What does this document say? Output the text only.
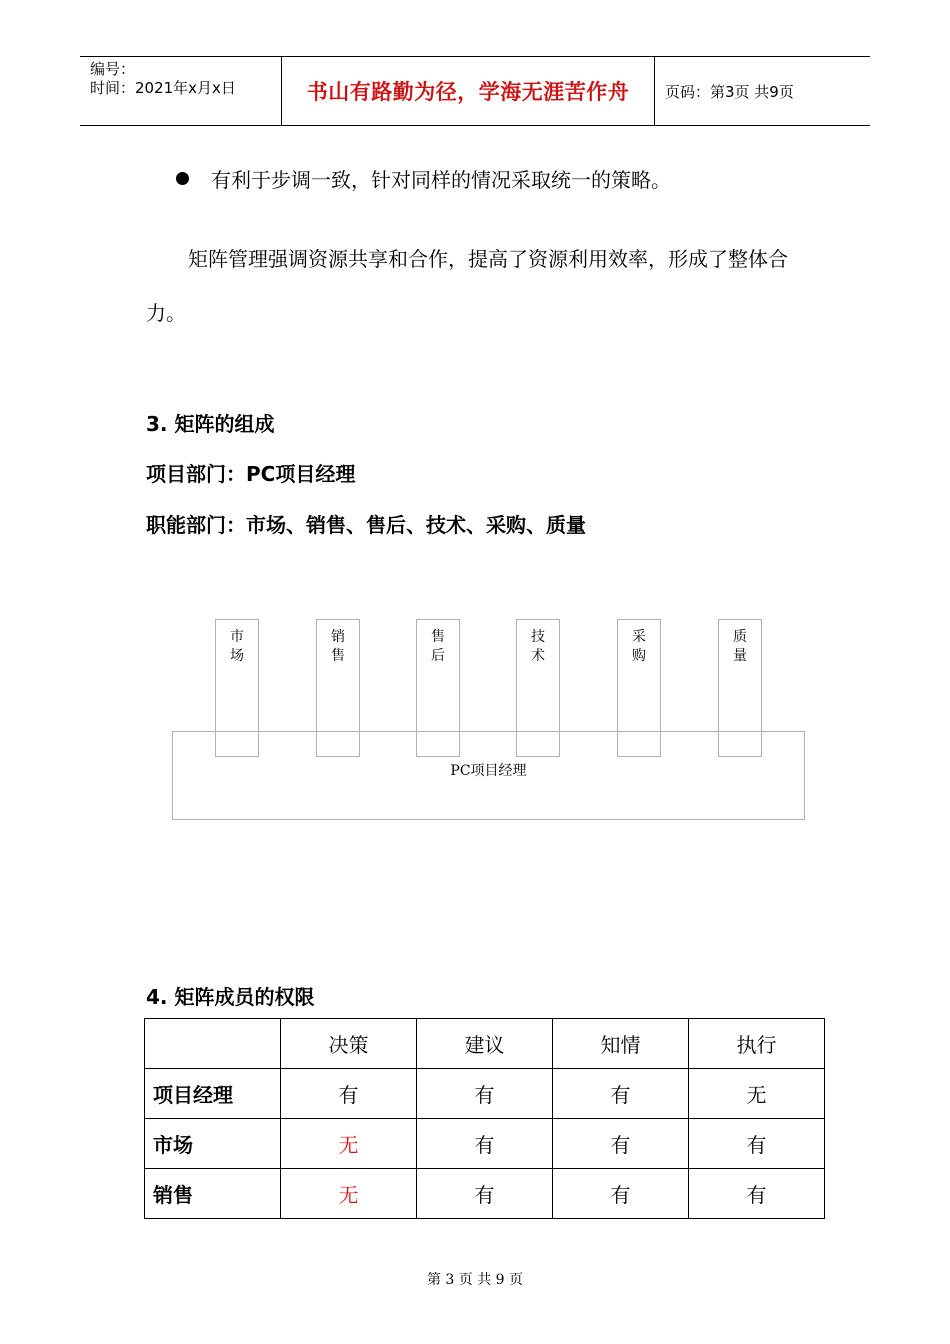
编号：
时间：2021年x月x日	书山有路勤为径，学海无涯苦作舟 页码：第3页 共9页
有利于步调一致，针对同样的情况采取统一的策略。
矩阵管理强调资源共享和合作，提高了资源利用效率，形成了整体合力。
3. 矩阵的组成
项目部门：PC项目经理
职能部门：市场、销售、售后、技术、采购、质量
PC项目经理
市场
销售
售后
技术
采购
质量
4. 矩阵成员的权限
	决策	建议	知情	执行
项目经理	有	有	有	无
市场	无	有	有	有
销售	无	有	有	有
第 3 页 共 9 页
